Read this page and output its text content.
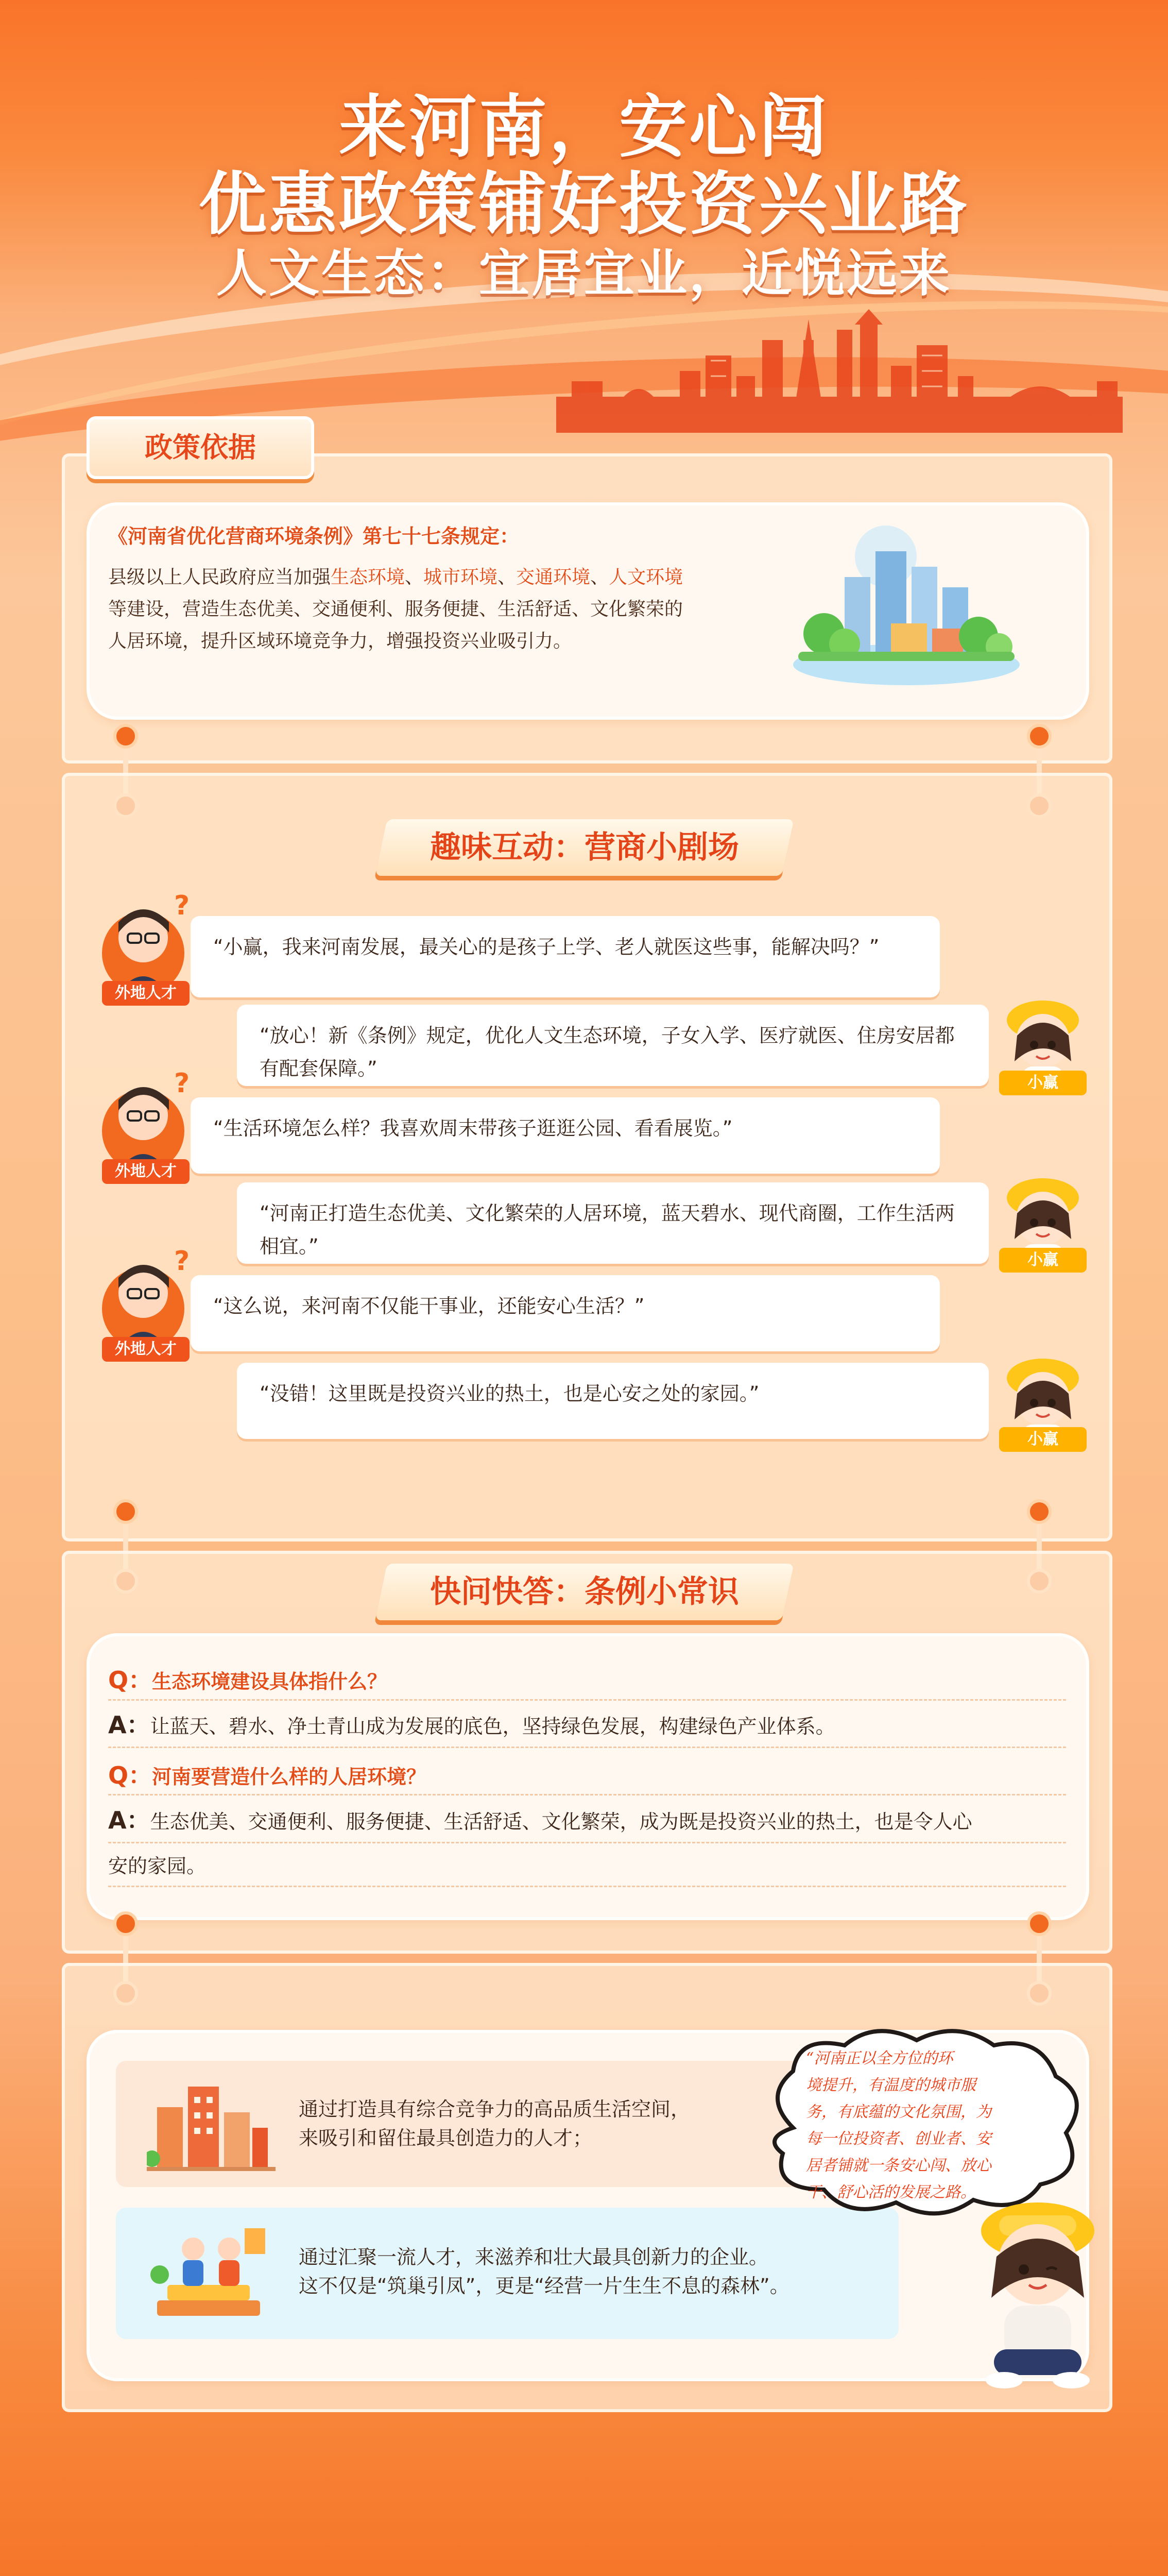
来河南，安心闯
优惠政策铺好投资兴业路
人文生态：宜居宜业，近悦远来
政策依据
《河南省优化营商环境条例》第七十七条规定：
县级以上人民政府应当加强生态环境、城市环境、交通环境、人文环境等建设，营造生态优美、交通便利、服务便捷、生活舒适、文化繁荣的人居环境，提升区域环境竞争力，增强投资兴业吸引力。
趣味互动：营商小剧场
?
外地人才
“小赢，我来河南发展，最关心的是孩子上学、老人就医这些事，能解决吗？”
“放心！新《条例》规定，优化人文生态环境，子女入学、医疗就医、住房安居都有配套保障。”
小赢
?
外地人才
“生活环境怎么样？我喜欢周末带孩子逛逛公园、看看展览。”
“河南正打造生态优美、文化繁荣的人居环境，蓝天碧水、现代商圈，工作生活两相宜。”
小赢
?
外地人才
“这么说，来河南不仅能干事业，还能安心生活？”
“没错！这里既是投资兴业的热土，也是心安之处的家园。”
小赢
快问快答：条例小常识
Q：生态环境建设具体指什么？
A：让蓝天、碧水、净土青山成为发展的底色，坚持绿色发展，构建绿色产业体系。
Q：河南要营造什么样的人居环境？
A：生态优美、交通便利、服务便捷、生活舒适、文化繁荣，成为既是投资兴业的热土，也是令人心
安的家园。
通过打造具有综合竞争力的高品质生活空间，
来吸引和留住最具创造力的人才；
通过汇聚一流人才，来滋养和壮大最具创新力的企业。
这不仅是“筑巢引凤”，更是“经营一片生生不息的森林”。
“河南正以全方位的环
境提升，有温度的城市服
务，有底蕴的文化氛围，为
每一位投资者、创业者、安
居者铺就一条安心闯、放心
干、舒心活的发展之路。
